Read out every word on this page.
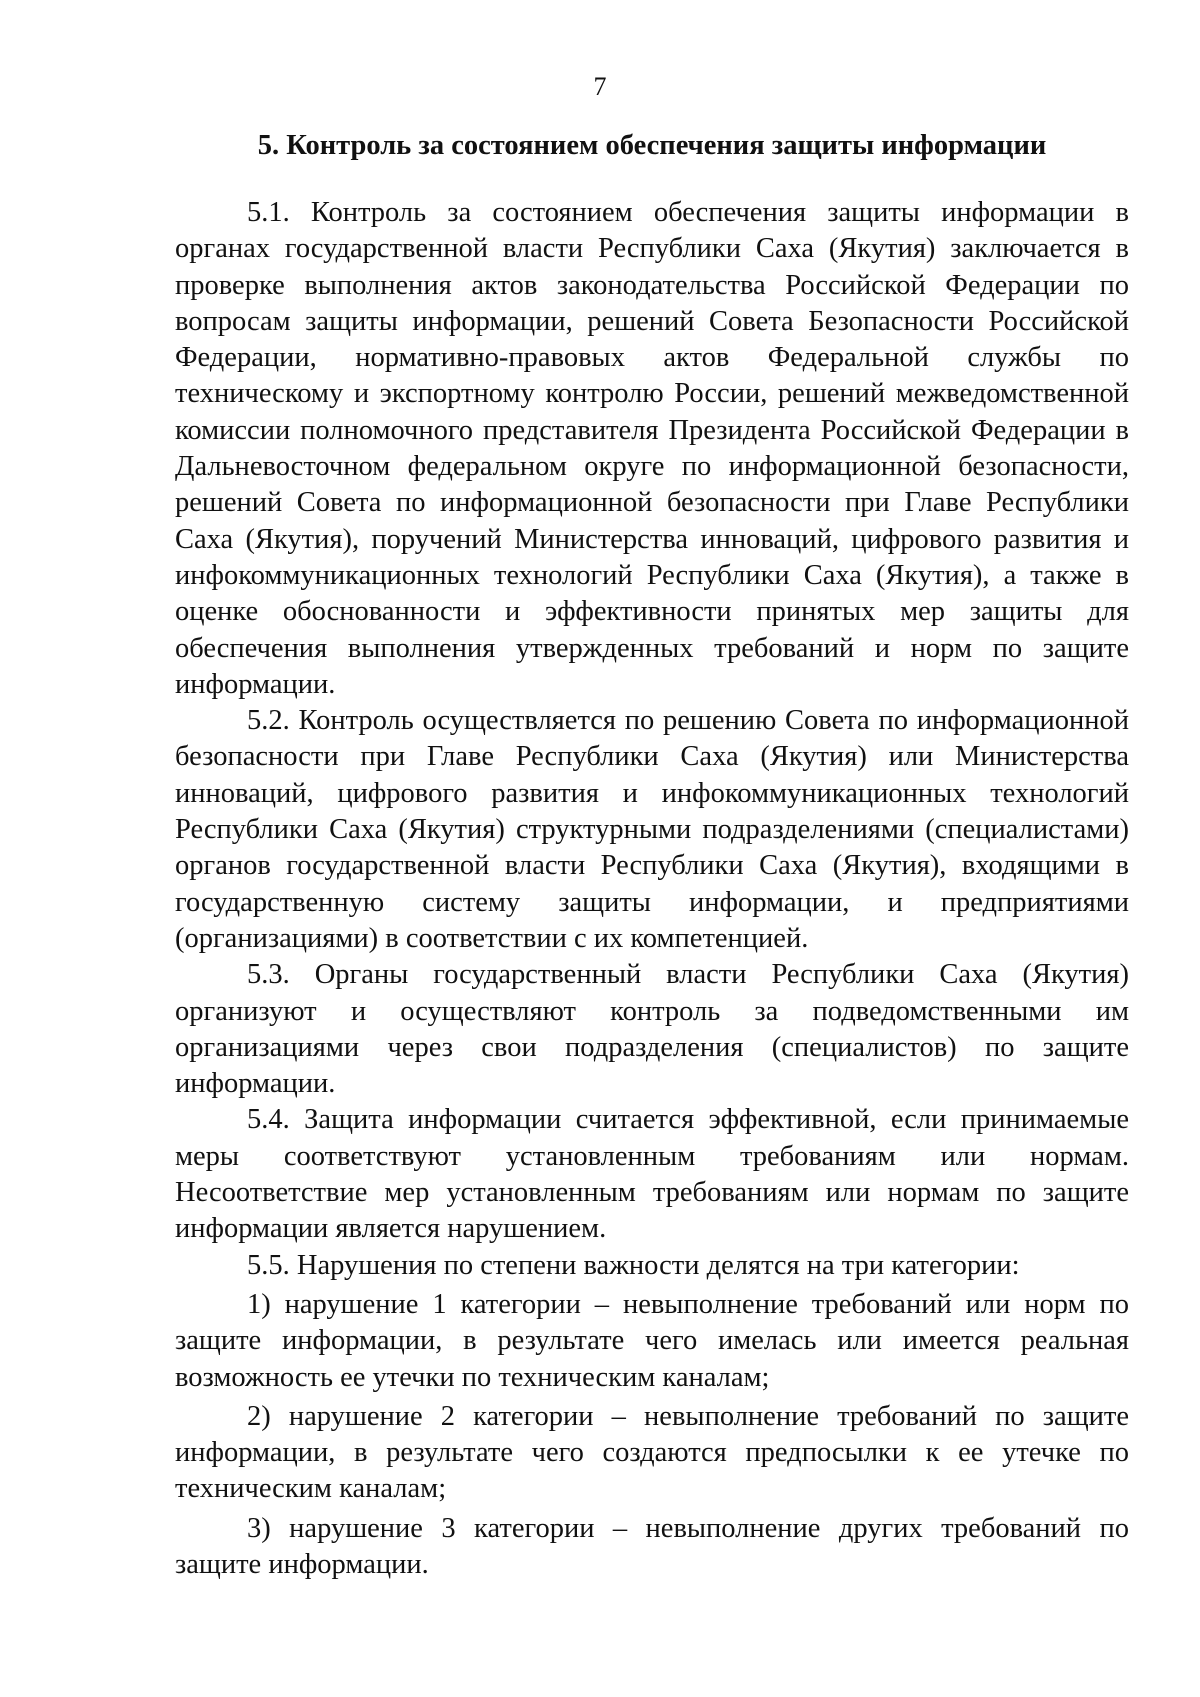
7
5. Контроль за состоянием обеспечения защиты информации

5.1. Контроль за состоянием обеспечения защиты информации в органах государственной власти Республики Саха (Якутия) заключается в проверке выполнения актов законодательства Российской Федерации по вопросам защиты информации, решений Совета Безопасности Российской Федерации, нормативно-правовых актов Федеральной службы по техническому и экспортному контролю России, решений межведомственной комиссии полномочного представителя Президента Российской Федерации в Дальневосточном федеральном округе по информационной безопасности, решений Совета по информационной безопасности при Главе Республики Саха (Якутия), поручений Министерства инноваций, цифрового развития и инфокоммуникационных технологий Республики Саха (Якутия), а также в оценке обоснованности и эффективности принятых мер защиты для обеспечения выполнения утвержденных требований и норм по защите информации.

5.2. Контроль осуществляется по решению Совета по информационной безопасности при Главе Республики Саха (Якутия) или Министерства инноваций, цифрового развития и инфокоммуникационных технологий Республики Саха (Якутия) структурными подразделениями (специалистами) органов государственной власти Республики Саха (Якутия), входящими в государственную систему защиты информации, и предприятиями (организациями) в соответствии с их компетенцией.

5.3. Органы государственный власти Республики Саха (Якутия) организуют и осуществляют контроль за подведомственными им организациями через свои подразделения (специалистов) по защите информации.

5.4. Защита информации считается эффективной, если принимаемые меры соответствуют установленным требованиям или нормам. Несоответствие мер установленным требованиям или нормам по защите информации является нарушением.

5.5. Нарушения по степени важности делятся на три категории:

1) нарушение 1 категории – невыполнение требований или норм по защите информации, в результате чего имелась или имеется реальная возможность ее утечки по техническим каналам;

2) нарушение 2 категории – невыполнение требований по защите информации, в результате чего создаются предпосылки к ее утечке по техническим каналам;

3) нарушение 3 категории – невыполнение других требований по защите информации.
